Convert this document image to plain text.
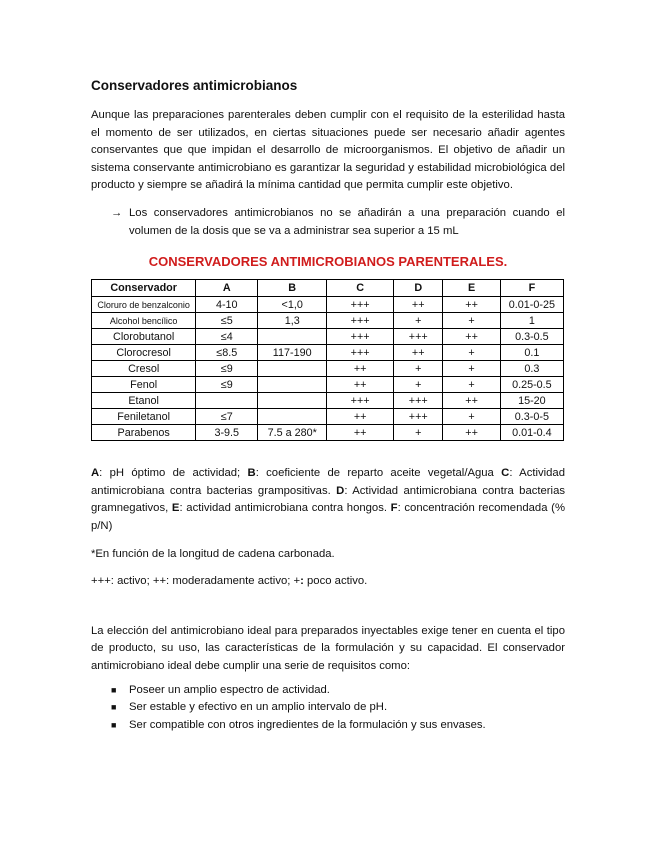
Conservadores antimicrobianos

Aunque las preparaciones parenterales deben cumplir con el requisito de la esterilidad hasta el momento de ser utilizados, en ciertas situaciones puede ser necesario añadir agentes conservantes que que impidan el desarrollo de microorganismos. El objetivo de añadir un sistema conservante antimicrobiano es garantizar la seguridad y estabilidad microbiológica del producto y siempre se añadirá la mínima cantidad que permita cumplir este objetivo.

→ Los conservadores antimicrobianos no se añadirán a una preparación cuando el volumen de la dosis que se va a administrar sea superior a 15 mL

CONSERVADORES ANTIMICROBIANOS PARENTERALES.
Conservador	A	B	C	D	E	F
Cloruro de benzalconio	4-10	<1,0	+++	++	++	0.01-0-25
Alcohol bencílico	≤5	1,3	+++	+	+	1
Clorobutanol	≤4		+++	+++	++	0.3-0.5
Clorocresol	≤8.5	117-190	+++	++	+	0.1
Cresol	≤9		++	+	+	0.3
Fenol	≤9		++	+	+	0.25-0.5
Etanol			+++	+++	++	15-20
Feniletanol	≤7		++	+++	+	0.3-0-5
Parabenos	3-9.5	7.5 a 280*	++	+	++	0.01-0.4

A: pH óptimo de actividad; B: coeficiente de reparto aceite vegetal/Agua C: Actividad antimicrobiana contra bacterias grampositivas. D: Actividad antimicrobiana contra bacterias gramnegativos, E: actividad antimicrobiana contra hongos. F: concentración recomendada (% p/N)

*En función de la longitud de cadena carbonada.

+++: activo; ++: moderadamente activo; +: poco activo.

La elección del antimicrobiano ideal para preparados inyectables exige tener en cuenta el tipo de producto, su uso, las características de la formulación y su capacidad. El conservador antimicrobiano ideal debe cumplir una serie de requisitos como:

■	Poseer un amplio espectro de actividad.
■	Ser estable y efectivo en un amplio intervalo de pH.
■	Ser compatible con otros ingredientes de la formulación y sus envases.
